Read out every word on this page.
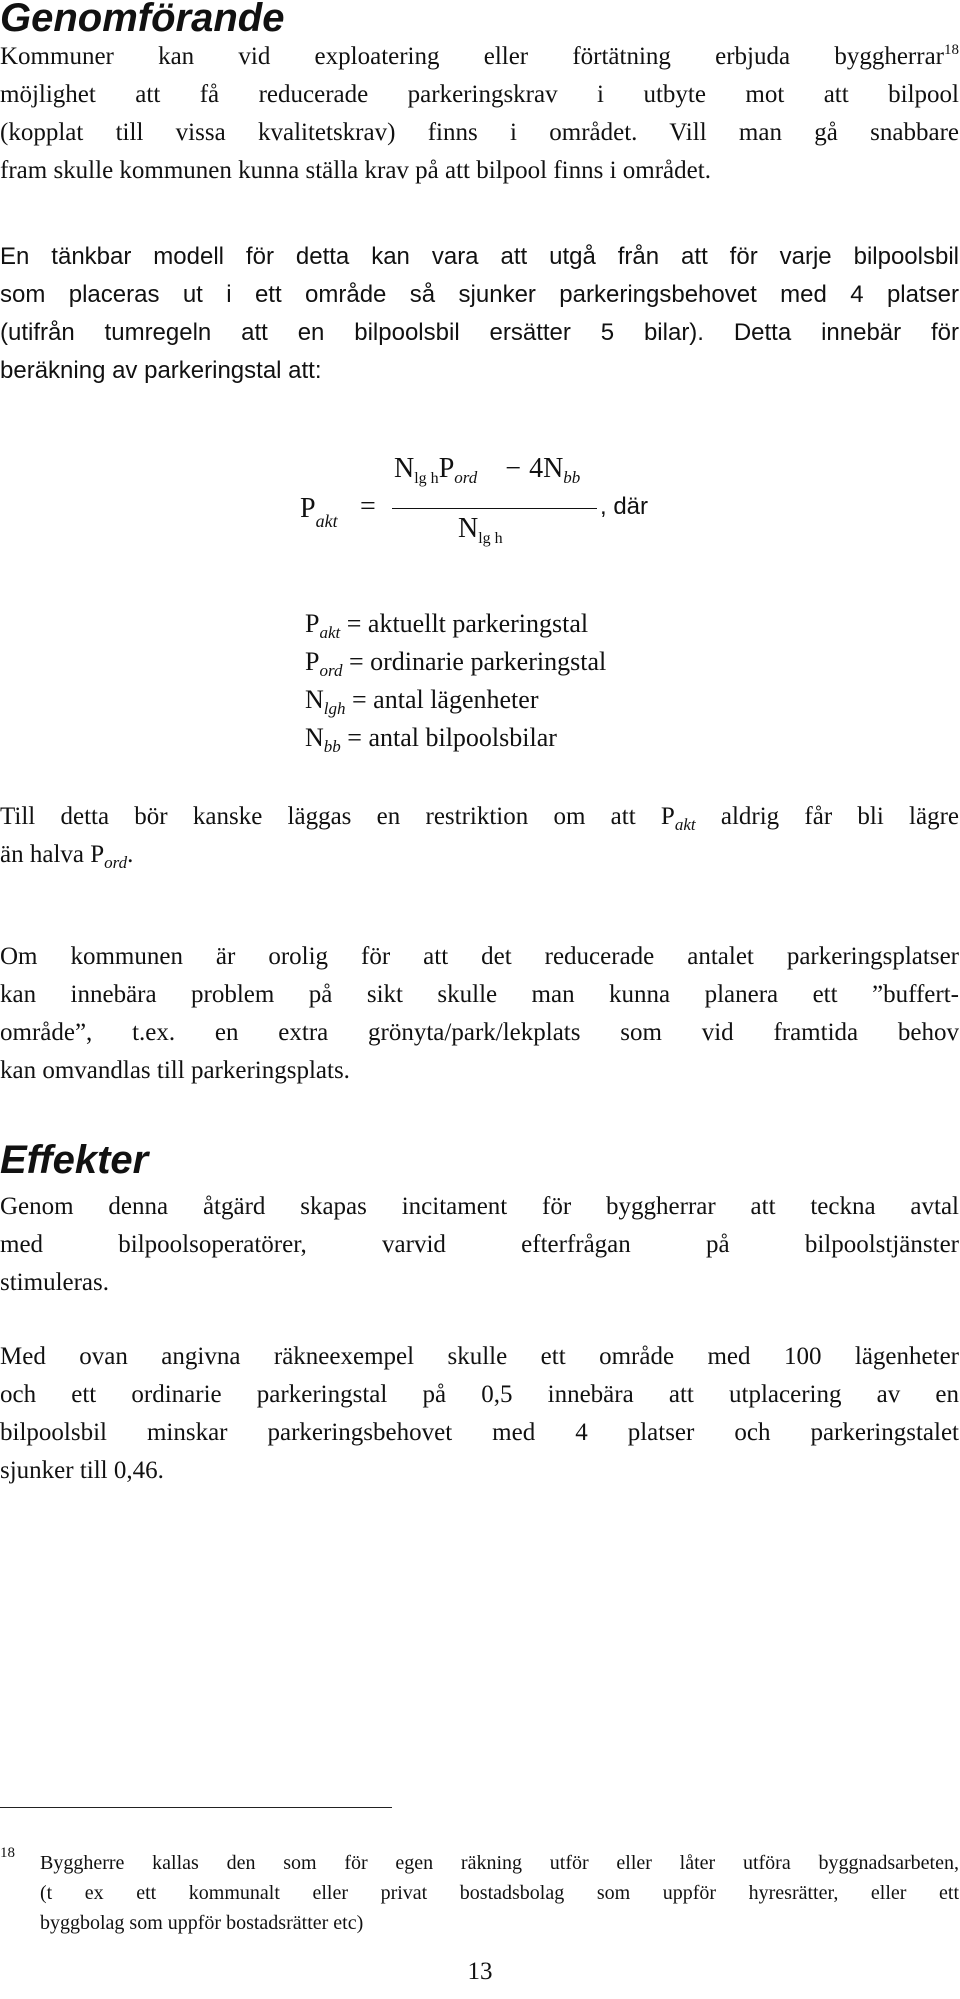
Genomförande
Kommuner kan vid exploatering eller förtätning erbjuda byggherrar$^{18}$
möjlighet att få reducerade parkeringskrav i utbyte mot att bilpool
(kopplat till vissa kvalitetskrav) finns i området. Vill man gå snabbare
fram skulle kommunen kunna ställa krav på att bilpool finns i området.
En tänkbar modell för detta kan vara att utgå från att för varje bilpoolsbil
som placeras ut i ett område så sjunker parkeringsbehovet med 4 platser
(utifrån tumregeln att en bilpoolsbil ersätter 5 bilar). Detta innebär för
beräkning av parkeringstal att:
$P_{akt}$ =
$N_{lg h}P_{ord} - 4N_{bb}$
$N_{lg h}$
, där
$P_{akt}$ = aktuellt parkeringstal
$P_{ord}$ = ordinarie parkeringstal
$N_{lgh}$ = antal lägenheter
$N_{bb}$ = antal bilpoolsbilar
Till detta bör kanske läggas en restriktion om att $P_{akt}$ aldrig får bli lägre
än halva $P_{ord}$.
Om kommunen är orolig för att det reducerade antalet parkeringsplatser
kan innebära problem på sikt skulle man kunna planera ett ”buffert-
område”, t.ex. en extra grönyta/park/lekplats som vid framtida behov
kan omvandlas till parkeringsplats.
Effekter
Genom denna åtgärd skapas incitament för byggherrar att teckna avtal
med bilpoolsoperatörer, varvid efterfrågan på bilpoolstjänster
stimuleras.
Med ovan angivna räkneexempel skulle ett område med 100 lägenheter
och ett ordinarie parkeringstal på 0,5 innebära att utplacering av en
bilpoolsbil minskar parkeringsbehovet med 4 platser och parkeringstalet
sjunker till 0,46.
18 Byggherre kallas den som för egen räkning utför eller låter utföra byggnadsarbeten,
(t ex ett kommunalt eller privat bostadsbolag som uppför hyresrätter, eller ett
byggbolag som uppför bostadsrätter etc)
13
